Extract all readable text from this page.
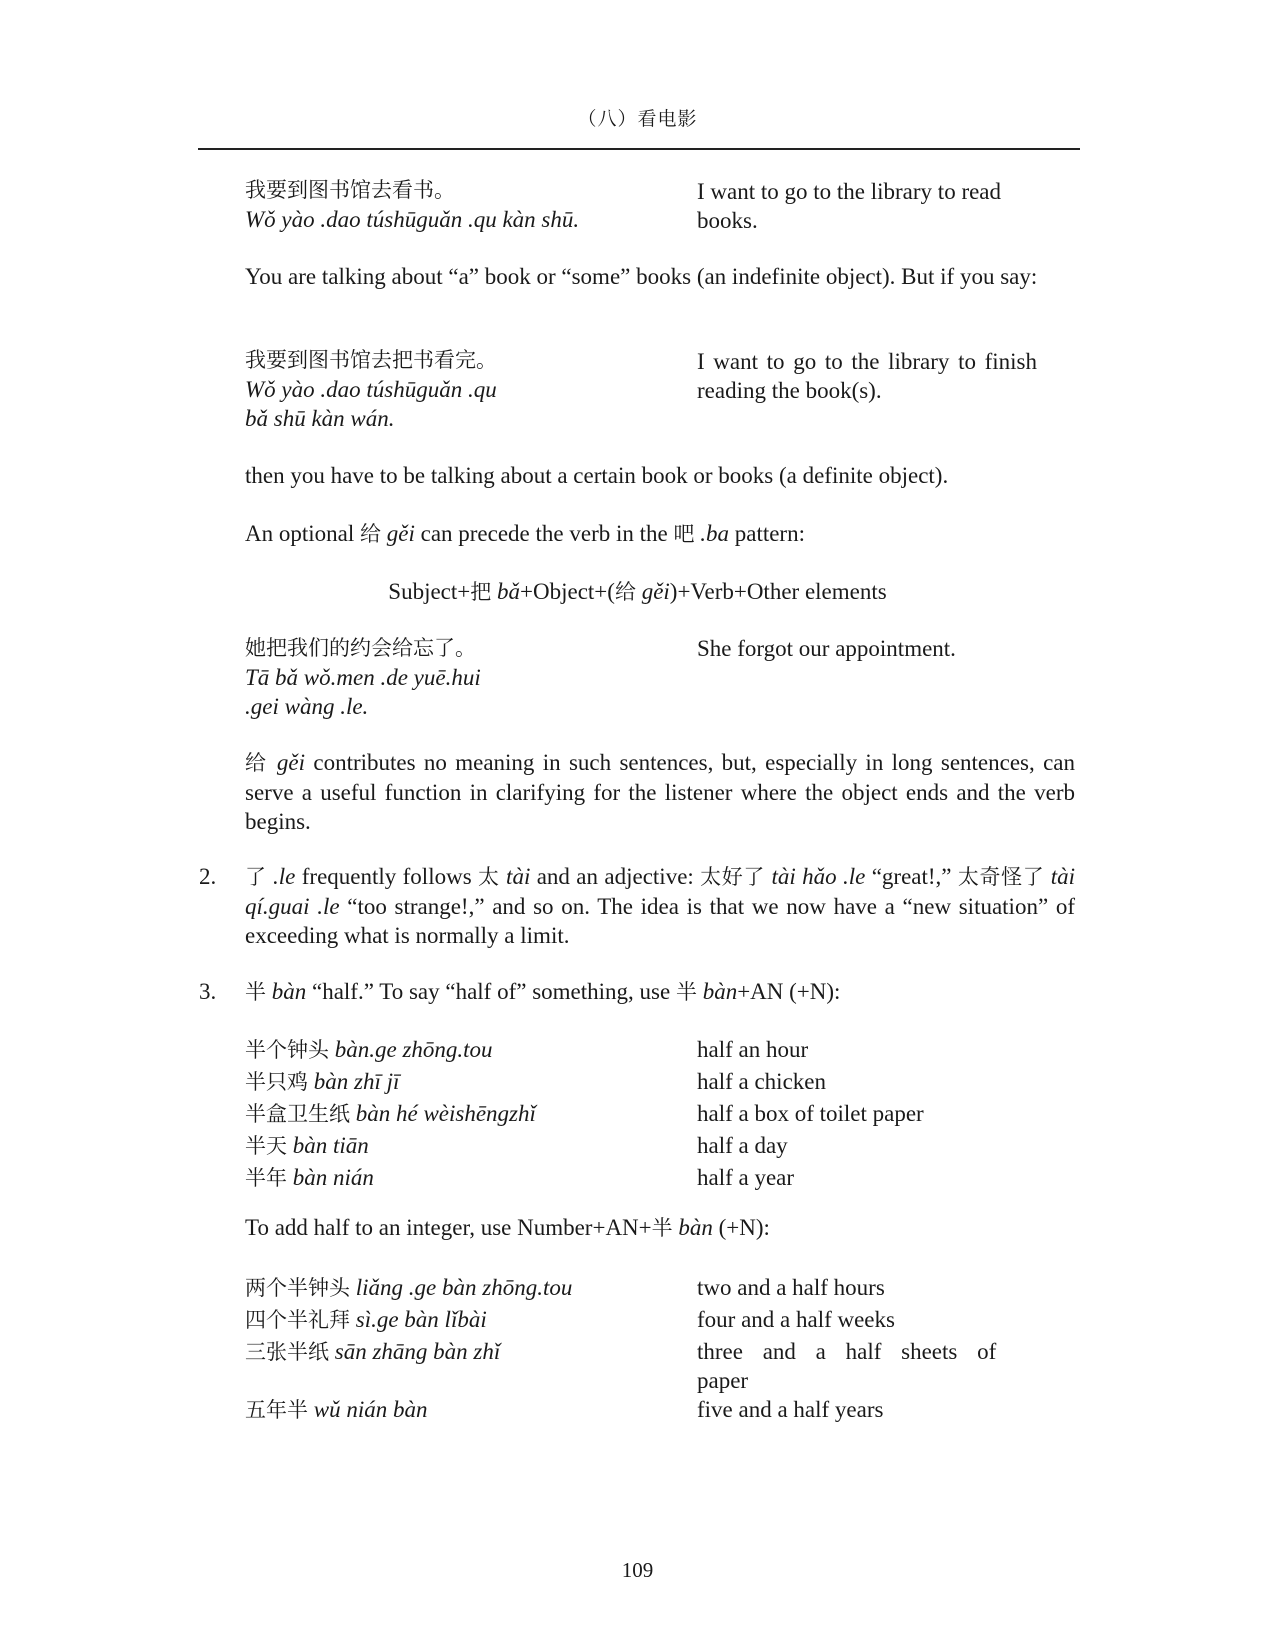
（八）看电影
我要到图书馆去看书。
Wǒ yào .dao túshūguǎn .qu kàn shū.
I want to go to the library to read books.
You are talking about “a” book or “some” books (an indefinite object). But if you say:
我要到图书馆去把书看完。
Wǒ yào .dao túshūguǎn .qu
bǎ shū kàn wán.
I want to go to the library to finish reading the book(s).
then you have to be talking about a certain book or books (a definite object).
An optional 给 gěi can precede the verb in the 吧 .ba pattern:
Subject+把 bǎ+Object+(给 gěi)+Verb+Other elements
她把我们的约会给忘了。
Tā bǎ wǒ.men .de yuē.hui
.gei wàng .le.
She forgot our appointment.
给 gěi contributes no meaning in such sentences, but, especially in long sentences, can serve a useful function in clarifying for the listener where the object ends and the verb begins.
2.	了 .le frequently follows 太 tài and an adjective: 太好了 tài hǎo .le “great!,” 太奇怪了 tài qí.guai .le “too strange!,” and so on. The idea is that we now have a “new situation” of exceeding what is normally a limit.
3.	半 bàn “half.” To say “half of” something, use 半 bàn+AN (+N):
半个钟头 bàn.ge zhōng.tou
半只鸡 bàn zhī jī
半盒卫生纸 bàn hé wèishēngzhǐ
半天 bàn tiān
半年 bàn nián
half an hour
half a chicken
half a box of toilet paper
half a day
half a year
To add half to an integer, use Number+AN+半 bàn (+N):
两个半钟头 liǎng .ge bàn zhōng.tou
四个半礼拜 sì.ge bàn lǐbài
三张半纸 sān zhāng bàn zhǐ
五年半 wǔ nián bàn
two and a half hours
four and a half weeks
three and a half sheets of
paper
five and a half years
109
